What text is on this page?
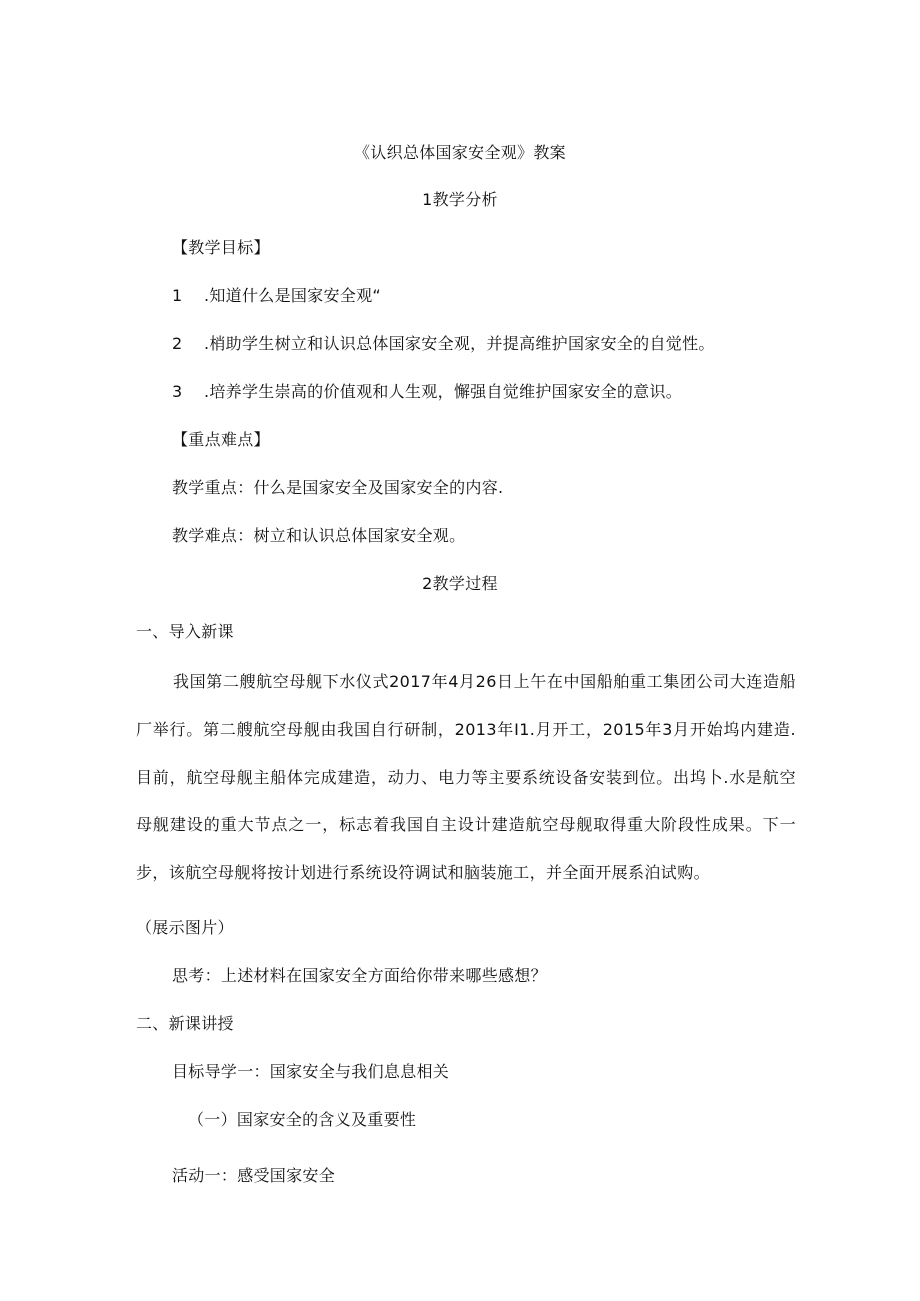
《认织总体国家安全观》教案
1教学分析
【教学目标】
1 .知道什么是国家安全观“
2 .梢助学生树立和认识总体国家安全观，并提高维护国家安全的自觉性。
3 .培养学生崇高的价值观和人生观，懈强自觉维护国家安全的意识。
【重点难点】
教学重点：什么是国家安全及国家安全的内容.
教学难点：树立和认识总体国家安全观。
2教学过程
一、导入新课
我国第二艘航空母舰下水仪式2017年4月26日上午在中国船舶重工集团公司大连造船厂举行。第二艘航空母舰由我国自行研制，2013年I1.月开工，2015年3月开始坞内建造.目前，航空母舰主船体完成建造，动力、电力等主要系统设备安装到位。出坞卜.水是航空母舰建设的重大节点之一，标志着我国自主设计建造航空母舰取得重大阶段性成果。下一步，该航空母舰将按计划进行系统设符调试和脑装施工，并全面开展系泊试购。
（展示图片）
思考：上述材料在国家安全方面给你带来哪些感想？
二、新课讲授
目标导学一：国家安全与我们息息相关
（一）国家安全的含义及重要性
活动一：感受国家安全
